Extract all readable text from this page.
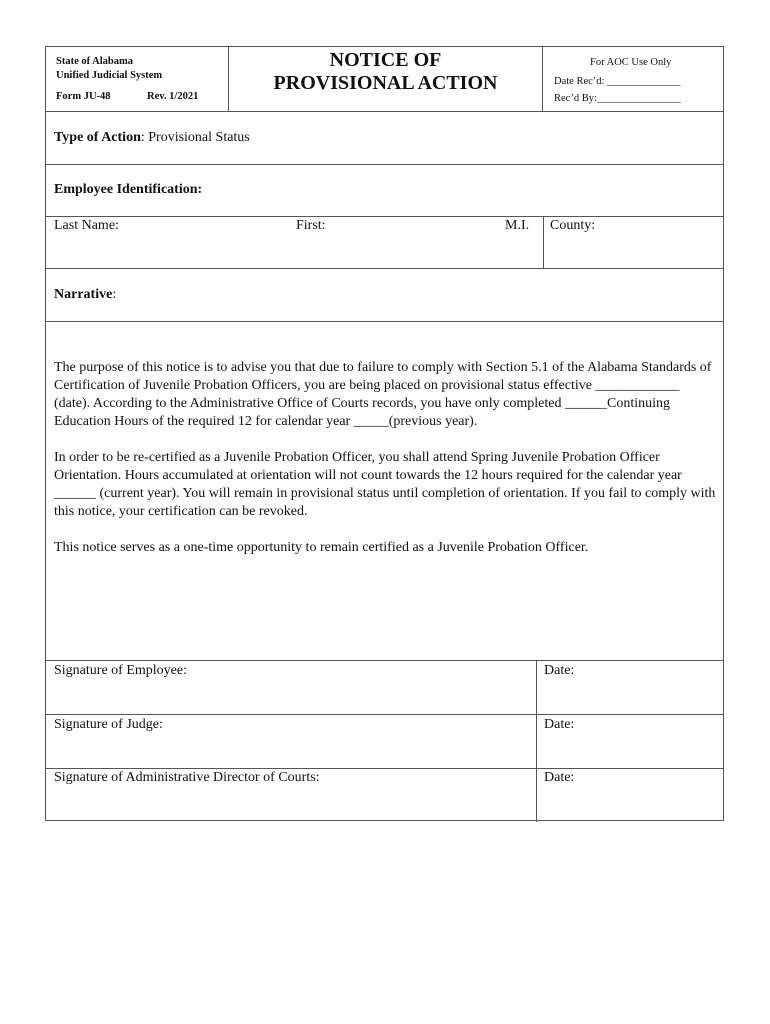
State of Alabama
Unified Judicial System
Form JU-48	Rev. 1/2021
NOTICE OF
PROVISIONAL ACTION
For AOC Use Only
Date Rec’d: ______________
Rec’d By:________________
Type of Action: Provisional Status
Employee Identification:
Last Name:	First:	M.I. County:
Narrative:

The purpose of this notice is to advise you that due to failure to comply with Section 5.1 of the Alabama Standards of Certification of Juvenile Probation Officers, you are being placed on provisional status effective ____________ (date). According to the Administrative Office of Courts records, you have only completed ______Continuing Education Hours of the required 12 for calendar year _____(previous year).

In order to be re-certified as a Juvenile Probation Officer, you shall attend Spring Juvenile Probation Officer Orientation. Hours accumulated at orientation will not count towards the 12 hours required for the calendar year ______ (current year). You will remain in provisional status until completion of orientation. If you fail to comply with this notice, your certification can be revoked.

This notice serves as a one-time opportunity to remain certified as a Juvenile Probation Officer.

Signature of Employee:	Date:
Signature of Judge:	Date:
Signature of Administrative Director of Courts:	Date:
